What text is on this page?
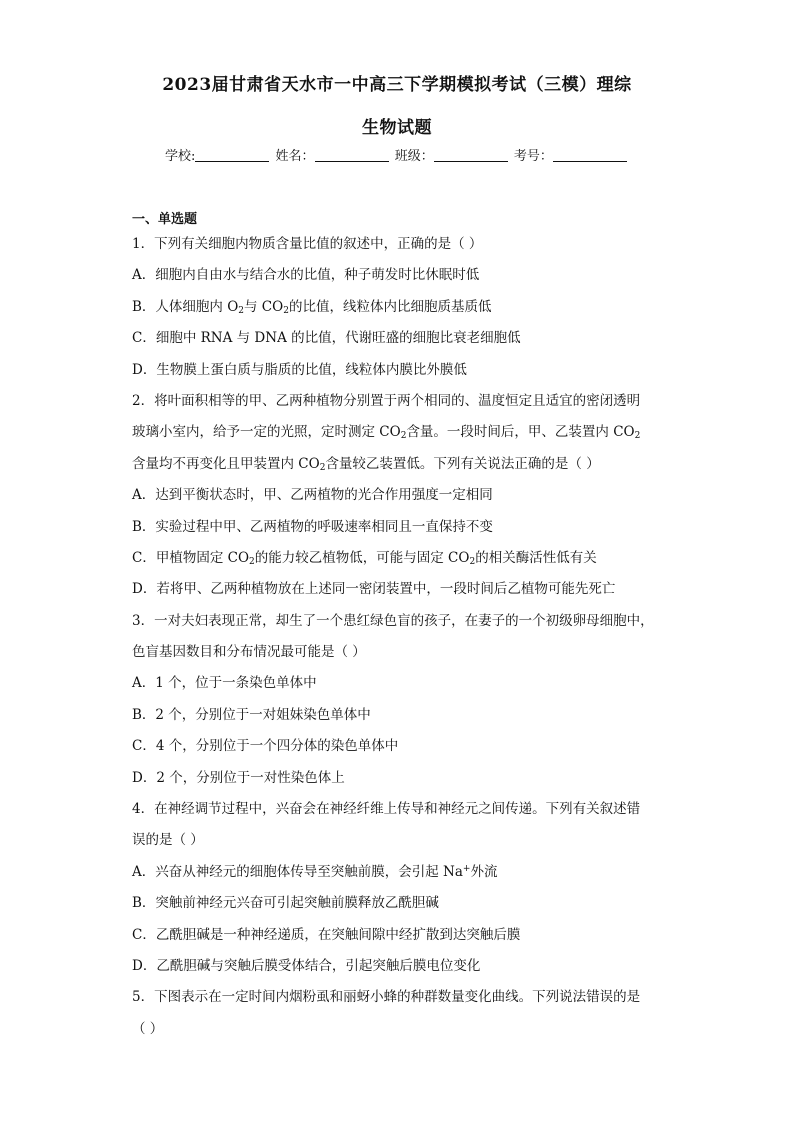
2023届甘肃省天水市一中高三下学期模拟考试（三模）理综
生物试题
学校:	姓名：	班级：	考号：
一、单选题
1．下列有关细胞内物质含量比值的叙述中，正确的是（ ）
A．细胞内自由水与结合水的比值，种子萌发时比休眠时低
B．人体细胞内 $O_2$与 $CO_2$的比值，线粒体内比细胞质基质低
C．细胞中 RNA 与 DNA 的比值，代谢旺盛的细胞比衰老细胞低
D．生物膜上蛋白质与脂质的比值，线粒体内膜比外膜低
2．将叶面积相等的甲、乙两种植物分别置于两个相同的、温度恒定且适宜的密闭透明
玻璃小室内，给予一定的光照，定时测定 $CO_2$含量。一段时间后，甲、乙装置内 $CO_2$
含量均不再变化且甲装置内 $CO_2$含量较乙装置低。下列有关说法正确的是（ ）
A．达到平衡状态时，甲、乙两植物的光合作用强度一定相同
B．实验过程中甲、乙两植物的呼吸速率相同且一直保持不变
C．甲植物固定 $CO_2$的能力较乙植物低，可能与固定 $CO_2$的相关酶活性低有关
D．若将甲、乙两种植物放在上述同一密闭装置中，一段时间后乙植物可能先死亡
3．一对夫妇表现正常，却生了一个患红绿色盲的孩子，在妻子的一个初级卵母细胞中，
色盲基因数目和分布情况最可能是（ ）
A．1 个，位于一条染色单体中
B．2 个，分别位于一对姐妹染色单体中
C．4 个，分别位于一个四分体的染色单体中
D．2 个，分别位于一对性染色体上
4．在神经调节过程中，兴奋会在神经纤维上传导和神经元之间传递。下列有关叙述错
误的是（ ）
A．兴奋从神经元的细胞体传导至突触前膜，会引起 Na+外流
B．突触前神经元兴奋可引起突触前膜释放乙酰胆碱
C．乙酰胆碱是一种神经递质，在突触间隙中经扩散到达突触后膜
D．乙酰胆碱与突触后膜受体结合，引起突触后膜电位变化
5．下图表示在一定时间内烟粉虱和丽蚜小蜂的种群数量变化曲线。下列说法错误的是
（ ）
